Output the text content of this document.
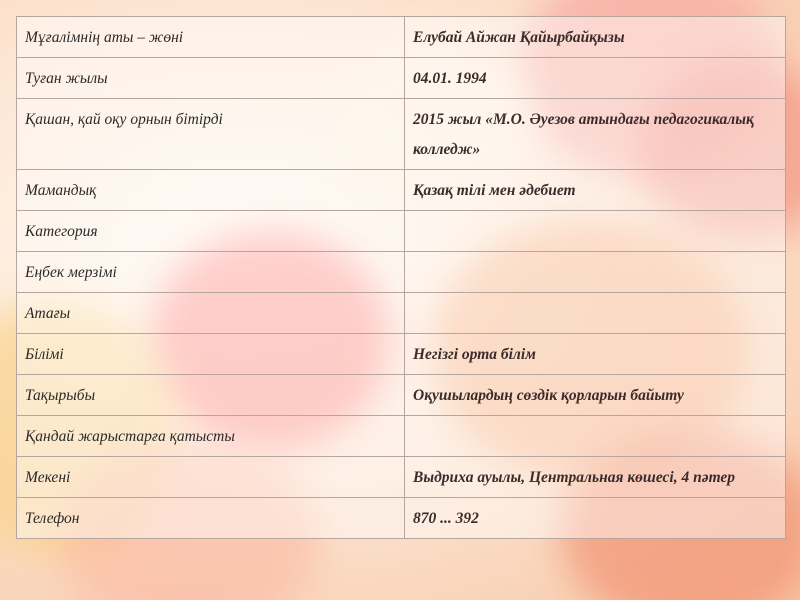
Мұғалімнің аты – жөні	Елубай Айжан Қайырбайқызы
Туған жылы	04.01. 1994
Қашан, қай оқу орнын бітірді	2015 жыл «М.О. Әуезов атындағы педагогикалық колледж»
Мамандық	Қазақ тілі мен әдебиет
Категория	
Еңбек мерзімі	
Атағы	
Білімі	Негізгі орта білім
Тақырыбы	Оқушылардың сөздік қорларын байыту
Қандай жарыстарға қатысты	
Мекені	Выдриха ауылы, Центральная көшесі, 4 пәтер
Телефон	870 ... 392
